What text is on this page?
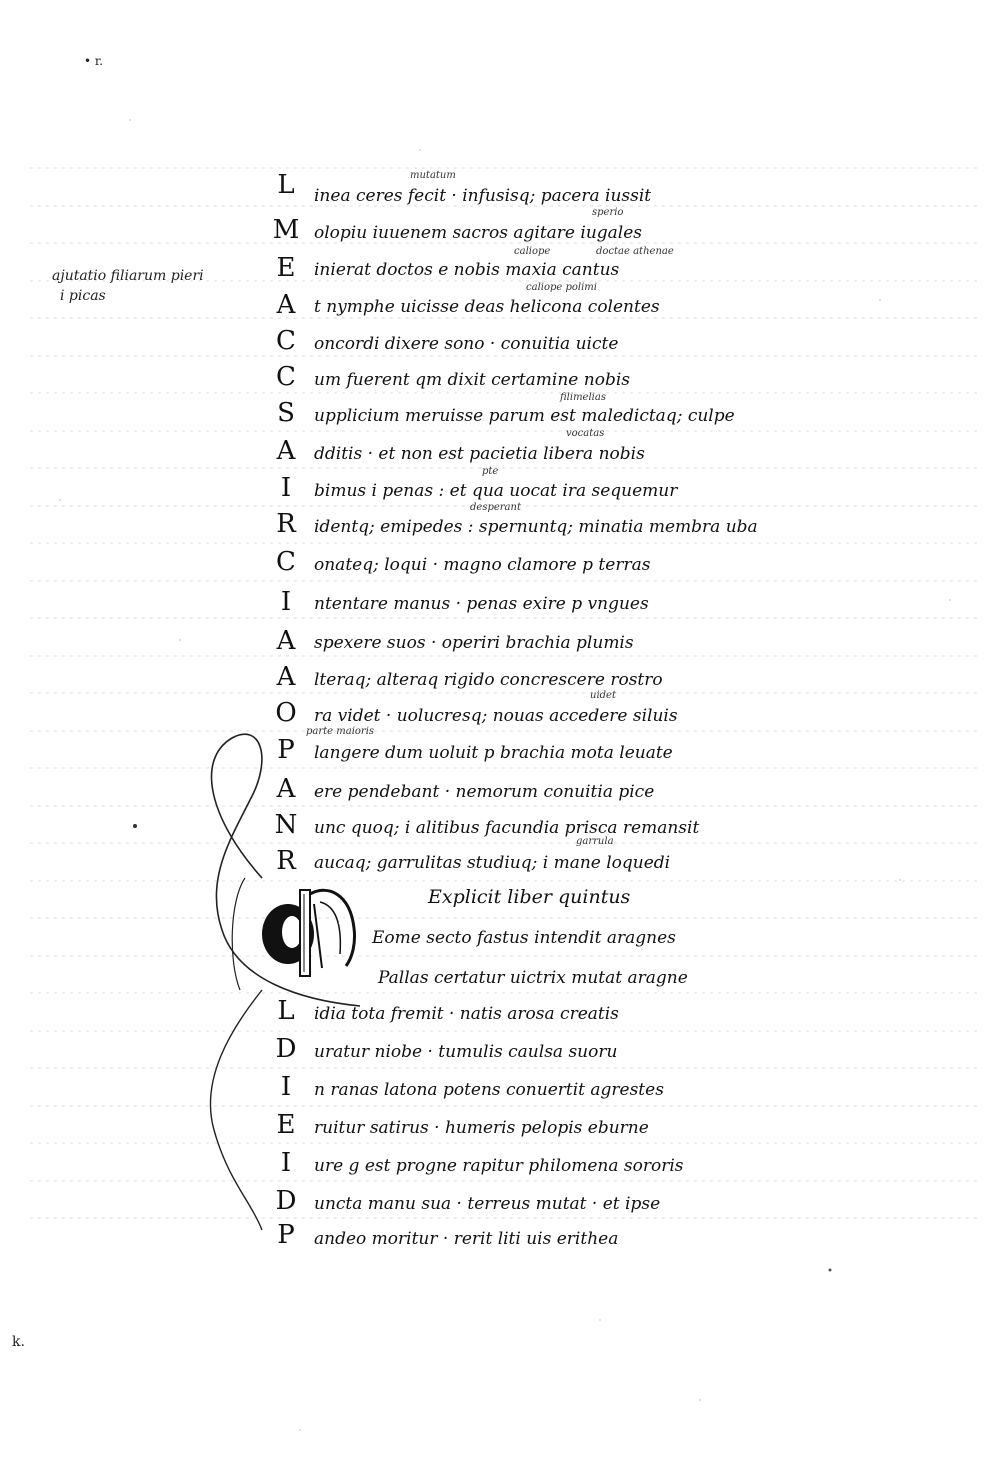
• r.
k.
ajutatio filiarum pieri
i picas
L	inea ceres fecit · infusisq; pacera iussit
M olopiu iuuenem sacros agitare iugales
E	inierat doctos e nobis maxia cantus
A	t nymphe uicisse deas helicona colentes
C	oncordi dixere sono · conuitia uicte
C	um fuerent qm dixit certamine nobis
S	upplicium meruisse parum est maledictaq; culpe
A	dditis · et non est pacietia libera nobis
I	bimus i penas : et qua uocat ira sequemur
R	identq; emipedes : spernuntq; minatia membra uba
C	onateq; loqui · magno clamore p terras
I	ntentare manus · penas exire p vngues
A	spexere suos · operiri brachia plumis
A	lteraq; alteraq rigido concrescere rostro
O	ra videt · uolucresq; nouas accedere siluis
P	langere dum uoluit p brachia mota leuate
A	ere pendebant · nemorum conuitia pice
N unc quoq; i alitibus facundia prisca remansit
R	aucaq; garrulitas studiuq; i mane loquedi
mutatum
sperio
caliope	doctae athenae
caliope polimi
filimelias
vocatas
pte
desperant
uidet
parte maioris
garrula
Explicit liber quintus
N
Eome secto fastus intendit aragnes
Pallas certatur uictrix mutat aragne
L	idia tota fremit · natis arosa creatis
D	uratur niobe · tumulis caulsa suoru
I	n ranas latona potens conuertit agrestes
E	ruitur satirus · humeris pelopis eburne
I	ure g est progne rapitur philomena sororis
D	uncta manu sua · terreus mutat · et ipse
P	andeo moritur · rerit liti uis erithea
